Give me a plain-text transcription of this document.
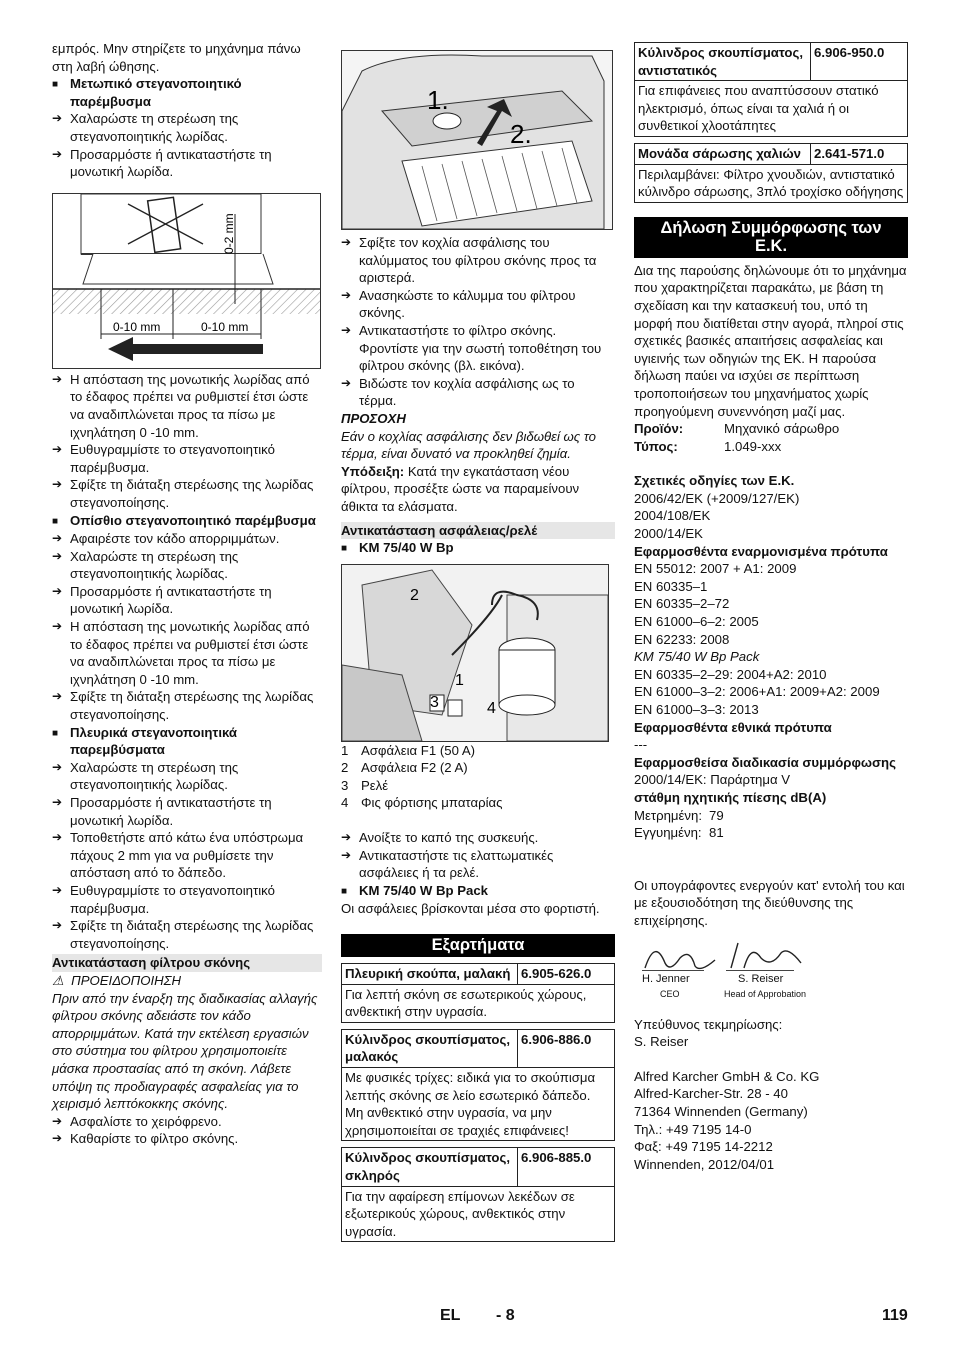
εμπρός. Μην στηρίζετε το μηχάνημα πάνω στη λαβή ώθησης.

■ Μετωπικό στεγανοποιητικό παρέμβυσμα
➔ Χαλαρώστε τη στερέωση της στεγανοποιητικής λωρίδας.
➔ Προσαρμόστε ή αντικαταστήστε τη μονωτική λωρίδα.
0-2 mm
0-10 mm	0-10 mm
➔ Η απόσταση της μονωτικής λωρίδας από το έδαφος πρέπει να ρυθμιστεί έτσι ώστε να αναδιπλώνεται προς τα πίσω με ιχνηλάτηση 0 -10 mm.
➔ Ευθυγραμμίστε το στεγανοποιητικό παρέμβυσμα.
➔ Σφίξτε τη διάταξη στερέωσης της λωρίδας στεγανοποίησης.
■ Οπίσθιο στεγανοποιητικό παρέμβυσμα
➔ Αφαιρέστε τον κάδο απορριμμάτων.
➔ Χαλαρώστε τη στερέωση της στεγανοποιητικής λωρίδας.
➔ Προσαρμόστε ή αντικαταστήστε τη μονωτική λωρίδα.
➔ Η απόσταση της μονωτικής λωρίδας από το έδαφος πρέπει να ρυθμιστεί έτσι ώστε να αναδιπλώνεται προς τα πίσω με ιχνηλάτηση 0 -10 mm.
➔ Σφίξτε τη διάταξη στερέωσης της λωρίδας στεγανοποίησης.
■ Πλευρικά στεγανοποιητικά παρεμβύσματα
➔ Χαλαρώστε τη στερέωση της στεγανοποιητικής λωρίδας.
➔ Προσαρμόστε ή αντικαταστήστε τη μονωτική λωρίδα.
➔ Τοποθετήστε από κάτω ένα υπόστρωμα πάχους 2 mm για να ρυθμίσετε την απόσταση από το δάπεδο.
➔ Ευθυγραμμίστε το στεγανοποιητικό παρέμβυσμα.
➔ Σφίξτε τη διάταξη στερέωσης της λωρίδας στεγανοποίησης.
Αντικατάσταση φίλτρου σκόνης

⚠ ΠΡΟΕΙΔΟΠΟΙΗΣΗ

Πριν από την έναρξη της διαδικασίας αλλαγής φίλτρου σκόνης αδειάστε τον κάδο απορριμμάτων. Κατά την εκτέλεση εργασιών στο σύστημα του φίλτρου χρησιμοποιείτε μάσκα προστασίας από τη σκόνη. Λάβετε υπόψη τις προδιαγραφές ασφαλείας για το χειρισμό λεπτόκοκκης σκόνης.

➔ Ασφαλίστε το χειρόφρενο.
➔ Καθαρίστε το φίλτρο σκόνης.
1.
2.
➔ Σφίξτε τον κοχλία ασφάλισης του καλύμματος του φίλτρου σκόνης προς τα αριστερά.
➔ Ανασηκώστε το κάλυμμα του φίλτρου σκόνης.
➔ Αντικαταστήστε το φίλτρο σκόνης. Φροντίστε για την σωστή τοποθέτηση του φίλτρου σκόνης (βλ. εικόνα).
➔ Βιδώστε τον κοχλία ασφάλισης ως το τέρμα.

ΠΡΟΣΟΧΗ

Εάν ο κοχλίας ασφάλισης δεν βιδωθεί ως το τέρμα, είναι δυνατό να προκληθεί ζημία.

Υπόδειξη: Κατά την εγκατάσταση νέου φίλτρου, προσέξτε ώστε να παραμείνουν άθικτα τα ελάσματα.

Αντικατάσταση ασφάλειας/ρελέ
■ KM 75/40 W Bp
2
1
3	4
1 Ασφάλεια F1 (50 A)
2 Ασφάλεια F2 (2 A)
3 Ρελέ
4 Φις φόρτισης μπαταρίας
➔ Ανοίξτε το καπό της συσκευής.
➔ Αντικαταστήστε τις ελαττωματικές ασφάλειες ή τα ρελέ.
■ KM 75/40 W Bp Pack

Οι ασφάλειες βρίσκονται μέσα στο φορτιστή.

Εξαρτήματα
Πλευρική σκούπα, μαλακή	6.905-626.0
Για λεπτή σκόνη σε εσωτερικούς χώρους, ανθεκτική στην υγρασία.
Κύλινδρος σκουπίσματος, μαλακός	6.906-886.0
Με φυσικές τρίχες: ειδικά για το σκούπισμα λεπτής σκόνης σε λείο εσωτερικό δάπεδο. Μη ανθεκτικό στην υγρασία, να μην χρησιμοποιείται σε τραχιές επιφάνειες!
Κύλινδρος σκουπίσματος, σκληρός	6.906-885.0
Για την αφαίρεση επίμονων λεκέδων σε εξωτερικούς χώρους, ανθεκτικός στην υγρασία.
Κύλινδρος σκουπίσματος, αντιστατικός	6.906-950.0
Για επιφάνειες που αναπτύσσουν στατικό ηλεκτρισμό, όπως είναι τα χαλιά ή οι συνθετικοί χλοοτάπητες
Μονάδα σάρωσης χαλιών	2.641-571.0
Περιλαμβάνει: Φίλτρο χνουδιών, αντιστατικό κύλινδρο σάρωσης, 3πλό τροχίσκο οδήγησης
Δήλωση Συμμόρφωσης των Ε.Κ.

Δια της παρούσης δηλώνουμε ότι το μηχάνημα που χαρακτηρίζεται παρακάτω, με βάση τη σχεδίαση και την κατασκευή του, υπό τη μορφή που διατίθεται στην αγορά, πληροί στις σχετικές βασικές απαιτήσεις ασφαλείας και υγιεινής των οδηγιών της ΕΚ. Η παρούσα δήλωση παύει να ισχύει σε περίπτωση τροποποιήσεων του μηχανήματος χωρίς προηγούμενη συνεννόηση μαζί μας.

Προϊόν:	Μηχανικό σάρωθρο
Τύπος:	1.049-xxx

Σχετικές οδηγίες των Ε.Κ.

2006/42/ΕΚ (+2009/127/ΕΚ)

2004/108/ΕΚ

2000/14/ΕΚ

Εφαρμοσθέντα εναρμονισμένα πρότυπα

EN 55012: 2007 + A1: 2009

EN 60335–1

EN 60335–2–72

EN 61000–6–2: 2005

EN 62233: 2008

KM 75/40 W Bp Pack

EN 60335–2–29: 2004+A2: 2010

EN 61000–3–2: 2006+A1: 2009+A2: 2009

EN 61000–3–3: 2013

Εφαρμοσθέντα εθνικά πρότυπα

---

Εφαρμοσθείσα διαδικασία συμμόρφωσης

2000/14/ΕΚ: Παράρτημα V

στάθμη ηχητικής πίεσης dB(A)

Μετρημένη: 79
Εγγυημένη: 81

Οι υπογράφοντες ενεργούν κατ' εντολή του και με εξουσιοδότηση της διεύθυνσης της επιχείρησης.

H. Jenner
CEO
S. Reiser
Head of Approbation

Υπεύθυνος τεκμηρίωσης:

S. Reiser

Alfred Karcher GmbH & Co. KG

Alfred-Karcher-Str. 28 - 40

71364 Winnenden (Germany)

Τηλ.: +49 7195 14-0

Φαξ: +49 7195 14-2212

Winnenden, 2012/04/01

EL - 8	119
